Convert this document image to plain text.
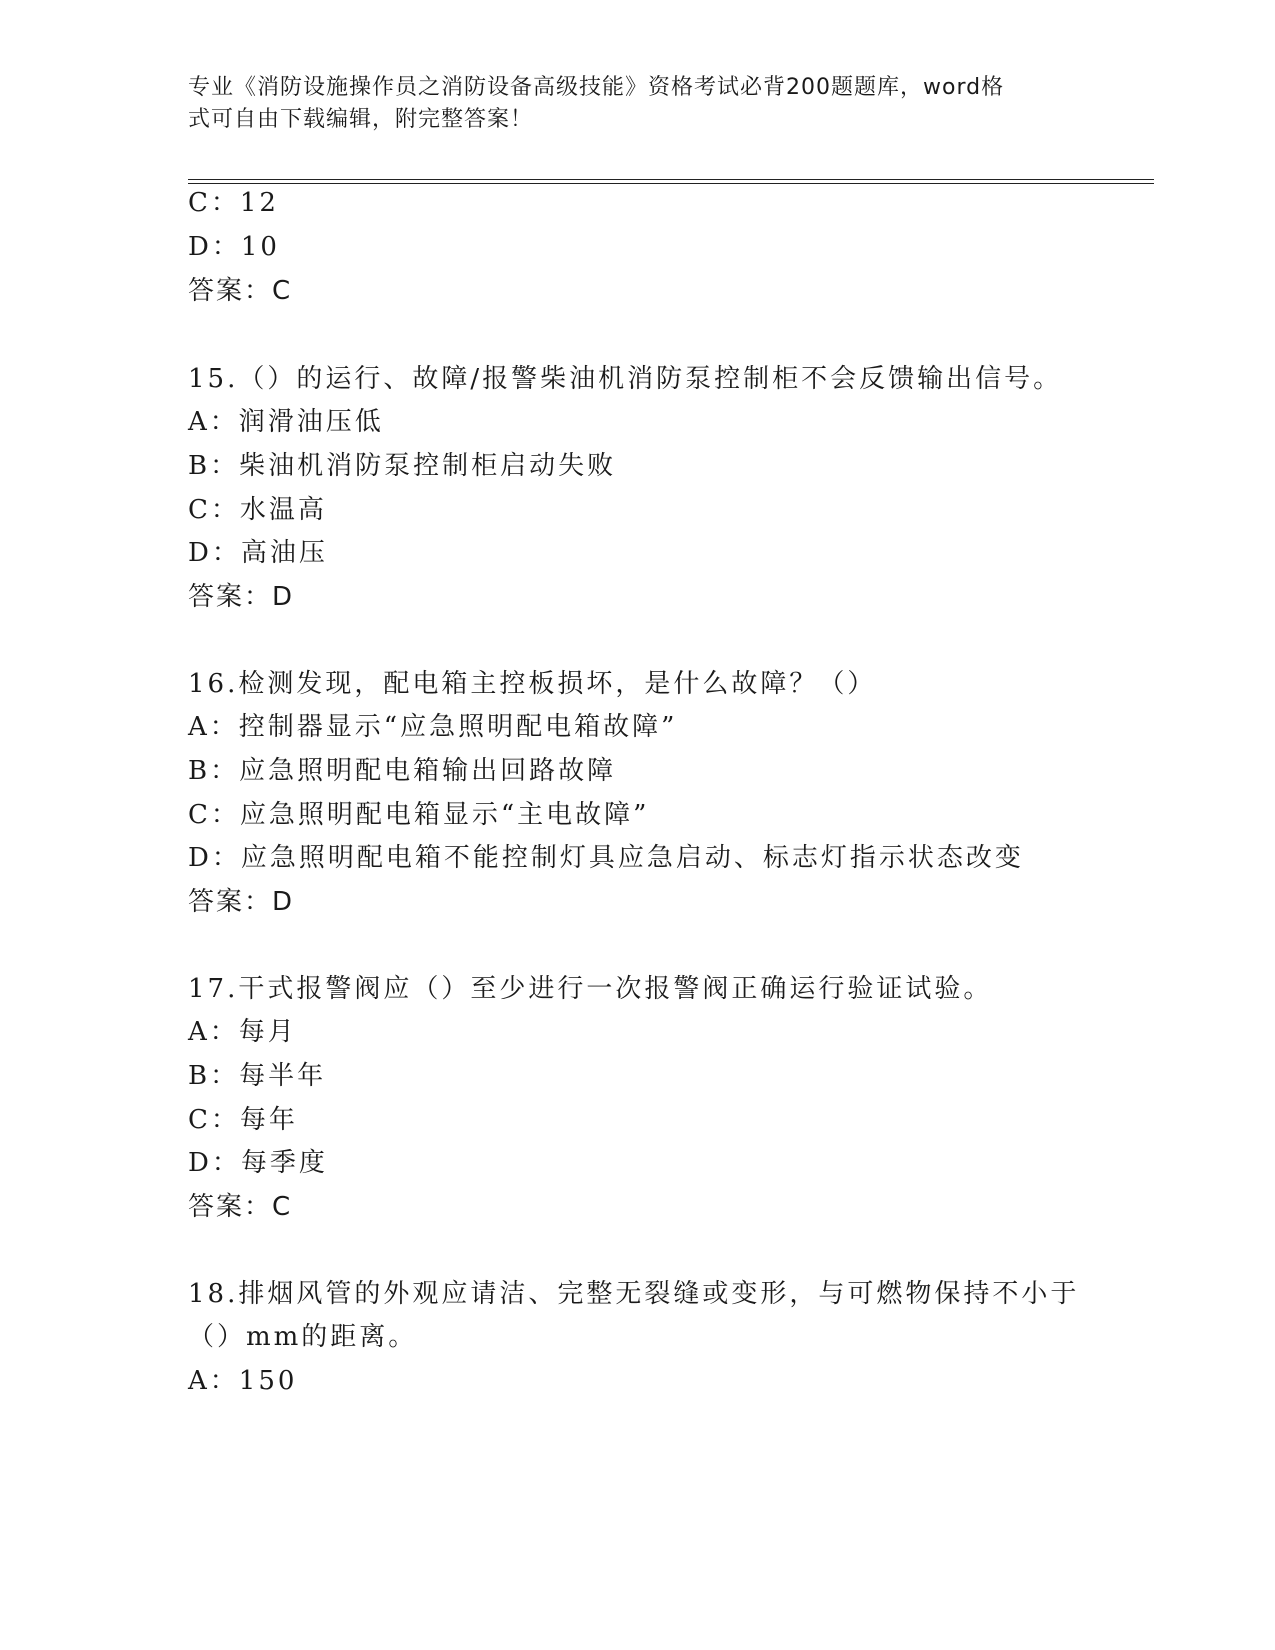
专业《消防设施操作员之消防设备高级技能》资格考试必背200题题库，word格
式可自由下载编辑，附完整答案！
C：12
D：10
答案：C
15.（）的运行、故障/报警柴油机消防泵控制柜不会反馈输出信号。
A：润滑油压低
B：柴油机消防泵控制柜启动失败
C：水温高
D：高油压
答案：D
16.检测发现，配电箱主控板损坏，是什么故障？（）
A：控制器显示“应急照明配电箱故障”
B：应急照明配电箱输出回路故障
C：应急照明配电箱显示“主电故障”
D：应急照明配电箱不能控制灯具应急启动、标志灯指示状态改变
答案：D
17.干式报警阀应（）至少进行一次报警阀正确运行验证试验。
A：每月
B：每半年
C：每年
D：每季度
答案：C
18.排烟风管的外观应请洁、完整无裂缝或变形，与可燃物保持不小于
（）mm的距离。
A：150
